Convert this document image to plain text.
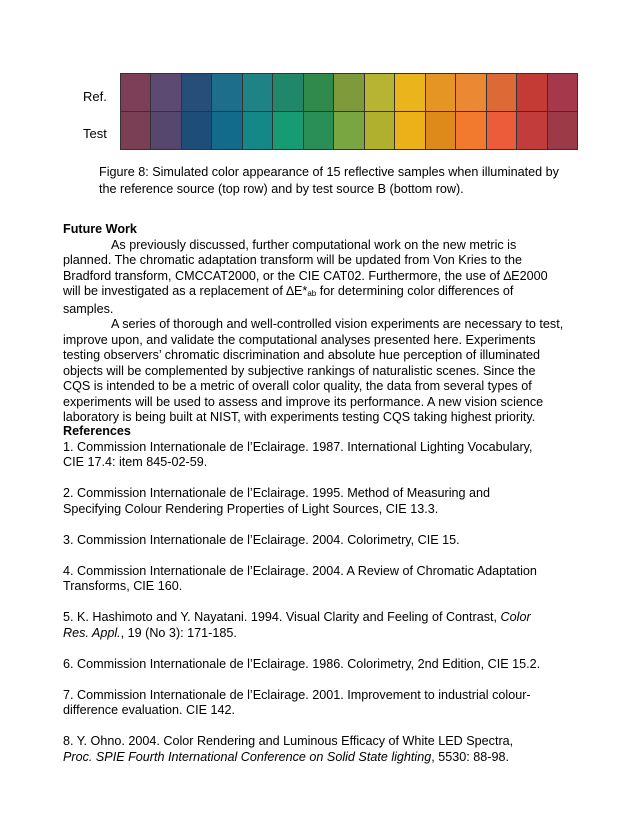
Ref.
Test
Figure 8: Simulated color appearance of 15 reflective samples when illuminated by
the reference source (top row) and by test source B (bottom row).
Future Work
As previously discussed, further computational work on the new metric is
planned. The chromatic adaptation transform will be updated from Von Kries to the
Bradford transform, CMCCAT2000, or the CIE CAT02. Furthermore, the use of ∆E2000
will be investigated as a replacement of ∆E*ab for determining color differences of
samples.
A series of thorough and well-controlled vision experiments are necessary to test,
improve upon, and validate the computational analyses presented here. Experiments
testing observers’ chromatic discrimination and absolute hue perception of illuminated
objects will be complemented by subjective rankings of naturalistic scenes. Since the
CQS is intended to be a metric of overall color quality, the data from several types of
experiments will be used to assess and improve its performance. A new vision science
laboratory is being built at NIST, with experiments testing CQS taking highest priority.
References
1. Commission Internationale de l’Eclairage. 1987. International Lighting Vocabulary,
CIE 17.4: item 845-02-59.
2. Commission Internationale de l’Eclairage. 1995. Method of Measuring and
Specifying Colour Rendering Properties of Light Sources, CIE 13.3.
3. Commission Internationale de l’Eclairage. 2004. Colorimetry, CIE 15.
4. Commission Internationale de l’Eclairage. 2004. A Review of Chromatic Adaptation
Transforms, CIE 160.
5. K. Hashimoto and Y. Nayatani. 1994. Visual Clarity and Feeling of Contrast, Color
Res. Appl., 19 (No 3): 171-185.
6. Commission Internationale de l’Eclairage. 1986. Colorimetry, 2nd Edition, CIE 15.2.
7. Commission Internationale de l’Eclairage. 2001. Improvement to industrial colour-
difference evaluation. CIE 142.
8. Y. Ohno. 2004. Color Rendering and Luminous Efficacy of White LED Spectra,
Proc. SPIE Fourth International Conference on Solid State lighting, 5530: 88-98.
